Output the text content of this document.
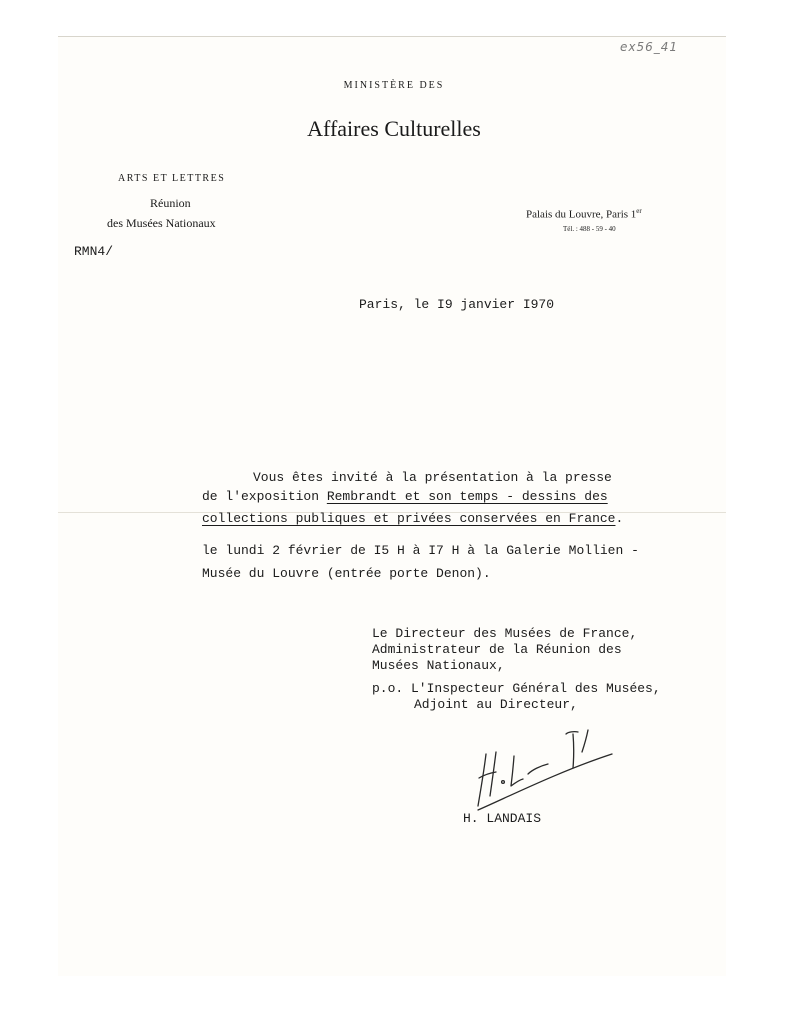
ex56_41
MINISTÈRE DES
Affaires Culturelles
ARTS ET LETTRES
Réunion
des Musées Nationaux
Palais du Louvre, Paris 1er
Tél. : 488 - 59 - 40
RMN4/
Paris, le I9 janvier I970
Vous êtes invité à la présentation à la presse
de l'exposition Rembrandt et son temps - dessins des
collections publiques et privées conservées en France.
le lundi 2 février de I5 H à I7 H à la Galerie Mollien -
Musée du Louvre (entrée porte Denon).
Le Directeur des Musées de France,
Administrateur de la Réunion des
Musées Nationaux,
p.o. L'Inspecteur Général des Musées,
Adjoint au Directeur,
H. LANDAIS
